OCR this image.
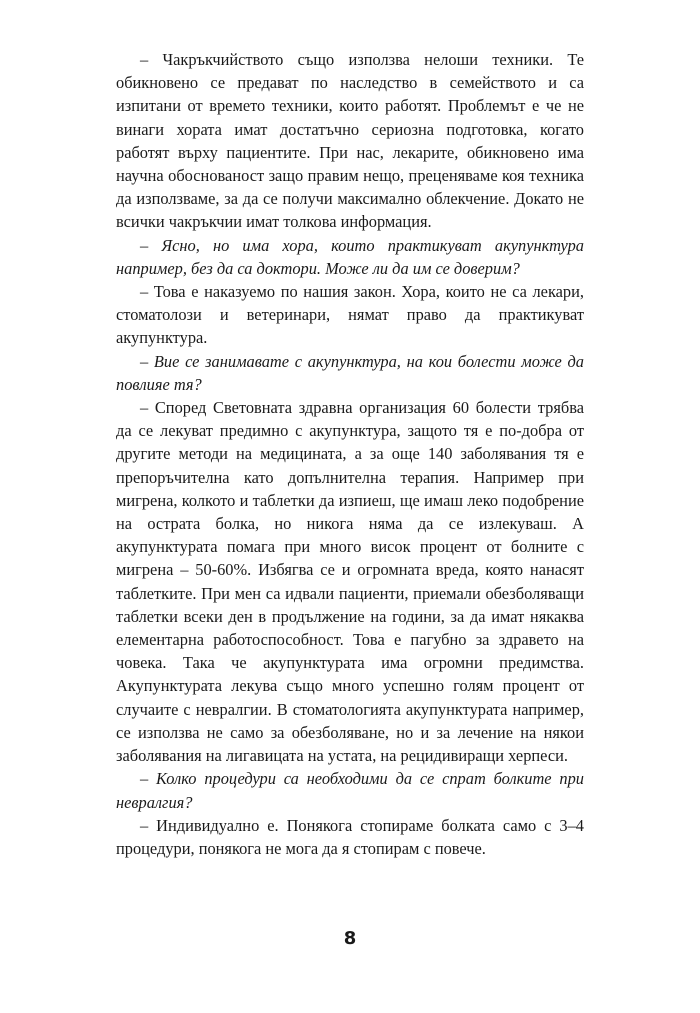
– Чакръкчийството също използва нелоши техники. Те обикновено се предават по наследство в семейството и са изпитани от времето техники, които работят. Проблемът е че не винаги хората имат достатъчно сериозна подготовка, когато работят върху пациентите. При нас, лекарите, обикновено има научна обоснованост защо правим нещо, преценяваме коя техника да използваме, за да се получи максимално облекчение. Докато не всички чакръкчии имат толкова информация.

– Ясно, но има хора, които практикуват акупунктура например, без да са доктори. Може ли да им се доверим?

– Това е наказуемо по нашия закон. Хора, които не са лекари, стоматолози и ветеринари, нямат право да практикуват акупунктура.

– Вие се занимавате с акупунктура, на кои болести може да повлияе тя?

– Според Световната здравна организация 60 болести трябва да се лекуват предимно с акупунктура, защото тя е по-добра от другите методи на медицината, а за още 140 заболявания тя е препоръчителна като допълнителна терапия. Например при мигрена, колкото и таблетки да изпиеш, ще имаш леко подобрение на острата болка, но никога няма да се излекуваш. А акупунктурата помага при много висок процент от болните с мигрена – 50-60%. Избягва се и огромната вреда, която нанасят таблетките. При мен са идвали пациенти, приемали обезболяващи таблетки всеки ден в продължение на години, за да имат някаква елементарна работоспособност. Това е пагубно за здравето на човека. Така че акупунктурата има огромни предимства. Акупунктурата лекува също много успешно голям процент от случаите с невралгии. В стоматологията акупунктурата например, се използва не само за обезболяване, но и за лечение на някои заболявания на лигавицата на устата, на рецидивиращи херпеси.

– Колко процедури са необходими да се спрат болките при невралгия?

– Индивидуално е. Понякога стопираме болката само с 3–4 процедури, понякога не мога да я стопирам с повече.

8
